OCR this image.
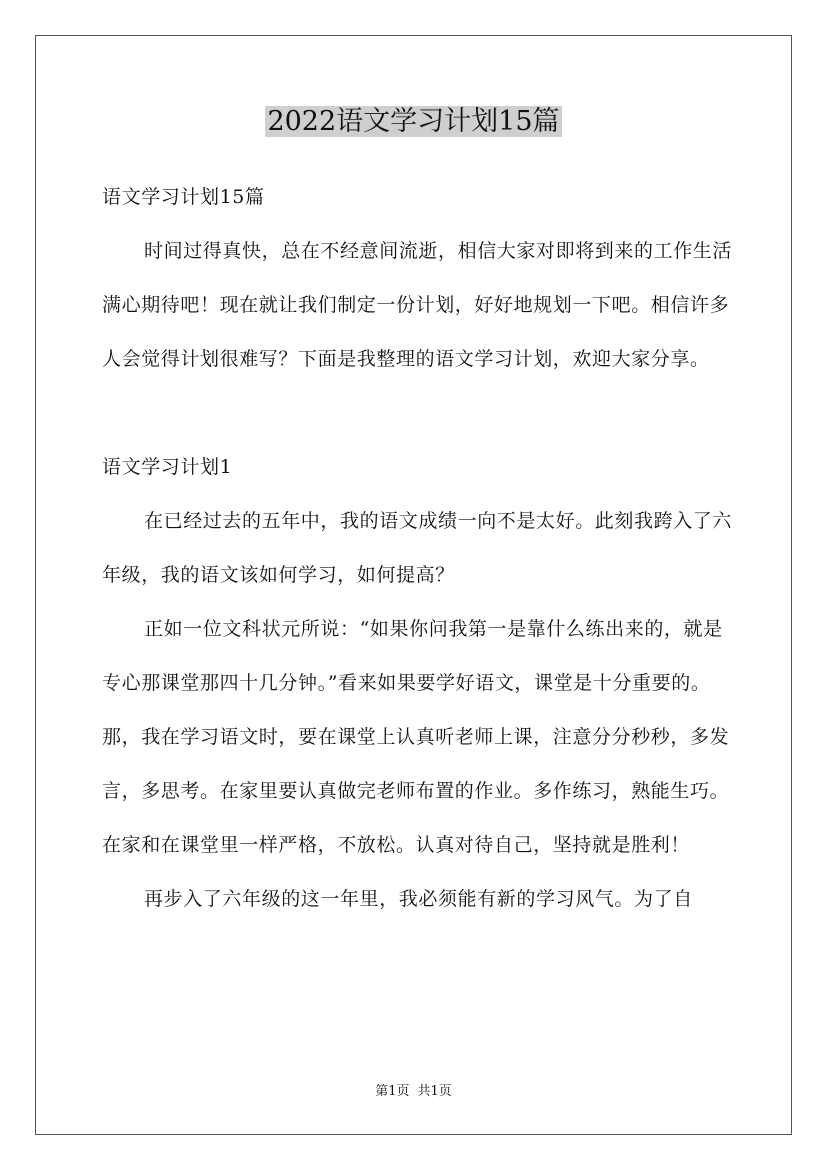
2022语文学习计划15篇

语文学习计划15篇

时间过得真快，总在不经意间流逝，相信大家对即将到来的工作生活满心期待吧！现在就让我们制定一份计划，好好地规划一下吧。相信许多人会觉得计划很难写？下面是我整理的语文学习计划，欢迎大家分享。

语文学习计划1

在已经过去的五年中，我的语文成绩一向不是太好。此刻我跨入了六年级，我的语文该如何学习，如何提高？

正如一位文科状元所说：“如果你问我第一是靠什么练出来的，就是专心那课堂那四十几分钟。”看来如果要学好语文，课堂是十分重要的。那，我在学习语文时，要在课堂上认真听老师上课，注意分分秒秒，多发言，多思考。在家里要认真做完老师布置的作业。多作练习，熟能生巧。在家和在课堂里一样严格，不放松。认真对待自己，坚持就是胜利！

再步入了六年级的这一年里，我必须能有新的学习风气。为了自

第1页 共1页
